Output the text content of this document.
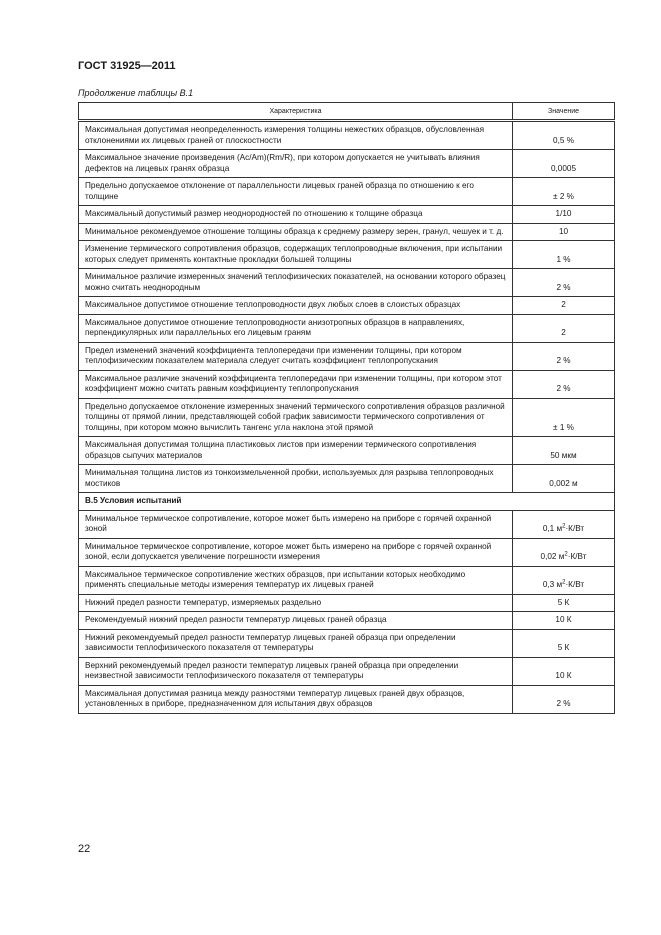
ГОСТ 31925—2011
Продолжение таблицы В.1
Характеристика	Значение
Максимальная допустимая неопределенность измерения толщины нежестких образцов, обусловленная отклонениями их лицевых граней от плоскостности	0,5 %
Максимальное значение произведения (Ac/Am)(Rm/R), при котором допускается не учитывать влияния дефектов на лицевых гранях образца	0,0005
Предельно допускаемое отклонение от параллельности лицевых граней образца по отношению к его толщине	± 2 %
Максимальный допустимый размер неоднородностей по отношению к толщине образца	1/10
Минимальное рекомендуемое отношение толщины образца к среднему размеру зерен, гранул, чешуек и т. д.	10
Изменение термического сопротивления образцов, содержащих теплопроводные включения, при испытании которых следует применять контактные прокладки большей толщины	1 %
Минимальное различие измеренных значений теплофизических показателей, на основании которого образец можно считать неоднородным	2 %
Максимальное допустимое отношение теплопроводности двух любых слоев в слоистых образцах	2
Максимальное допустимое отношение теплопроводности анизотропных образцов в направлениях, перпендикулярных или параллельных его лицевым граням	2
Предел изменений значений коэффициента теплопередачи при изменении толщины, при котором теплофизическим показателем материала следует считать коэффициент теплопропускания	2 %
Максимальное различие значений коэффициента теплопередачи при изменении толщины, при котором этот коэффициент можно считать равным коэффициенту теплопропускания	2 %
Предельно допускаемое отклонение измеренных значений термического сопротивления образцов различной толщины от прямой линии, представляющей собой график зависимости термического сопротивления от толщины, при котором можно вычислить тангенс угла наклона этой прямой	± 1 %
Максимальная допустимая толщина пластиковых листов при измерении термического сопротивления образцов сыпучих материалов	50 мкм
Минимальная толщина листов из тонкоизмельченной пробки, используемых для разрыва теплопроводных мостиков	0,002 м
В.5 Условия испытаний	
Минимальное термическое сопротивление, которое может быть измерено на приборе с горячей охранной зоной	0,1 $м^2\cdot К/Вт$
Минимальное термическое сопротивление, которое может быть измерено на приборе с горячей охранной зоной, если допускается увеличение погрешности измерения	0,02 $м^2\cdot К/Вт$
Максимальное термическое сопротивление жестких образцов, при испытании которых необходимо применять специальные методы измерения температур их лицевых граней	0,3 $м^2\cdot К/Вт$
Нижний предел разности температур, измеряемых раздельно	5 К
Рекомендуемый нижний предел разности температур лицевых граней образца	10 К
Нижний рекомендуемый предел разности температур лицевых граней образца при определении зависимости теплофизического показателя от температуры	5 К
Верхний рекомендуемый предел разности температур лицевых граней образца при определении неизвестной зависимости теплофизического показателя от температуры	10 К
Максимальная допустимая разница между разностями температур лицевых граней двух образцов, установленных в приборе, предназначенном для испытания двух образцов	2 %
22
